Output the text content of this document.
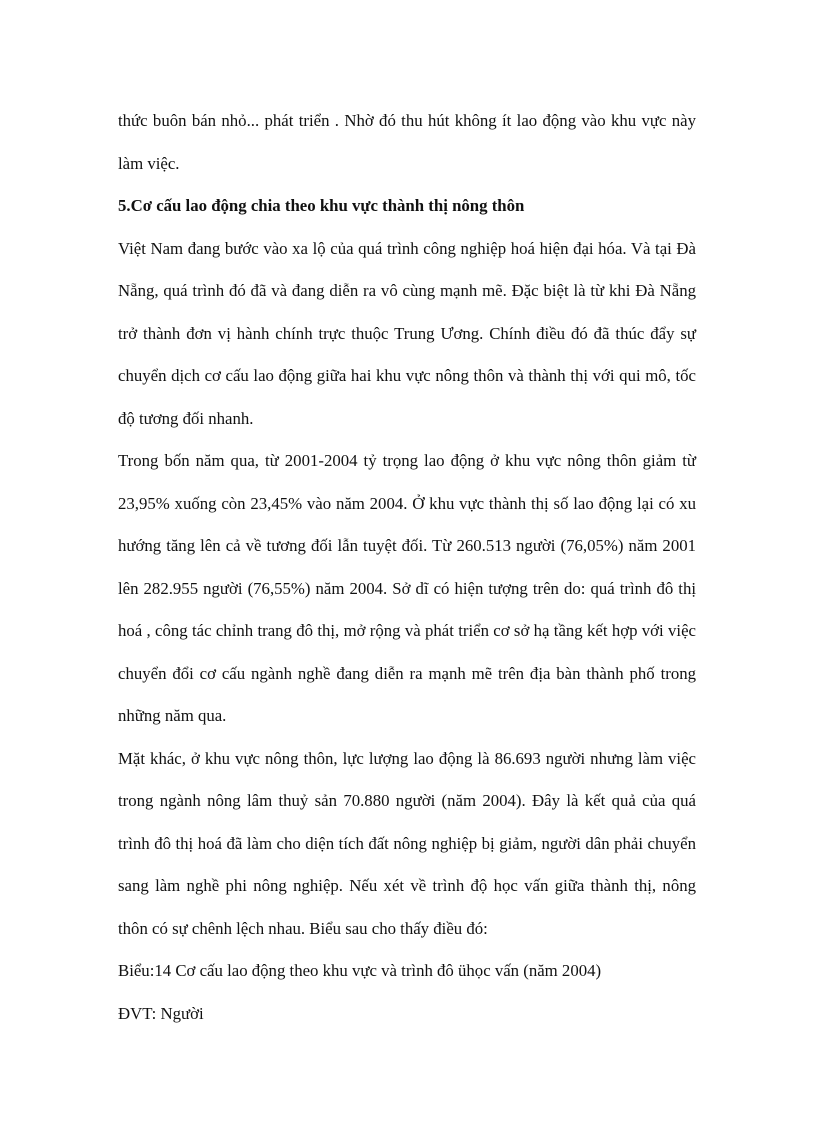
thức buôn bán nhỏ... phát triển . Nhờ đó thu hút không ít lao động vào khu vực này làm việc.

5.Cơ cấu lao động chia theo khu vực thành thị nông thôn

Việt Nam đang bước vào xa lộ của quá trình công nghiệp hoá hiện đại hóa. Và tại Đà Nẵng, quá trình đó đã và đang diễn ra vô cùng mạnh mẽ. Đặc biệt là từ khi Đà Nẵng trở thành đơn vị hành chính trực thuộc Trung Ương. Chính điều đó đã thúc đẩy sự chuyển dịch cơ cấu lao động giữa hai khu vực nông thôn và thành thị với qui mô, tốc độ tương đối nhanh.

Trong bốn năm qua, từ 2001-2004 tỷ trọng lao động ở khu vực nông thôn giảm từ 23,95% xuống còn 23,45% vào năm 2004. Ở khu vực thành thị số lao động lại có xu hướng tăng lên cả về tương đối lẫn tuyệt đối. Từ 260.513 người (76,05%) năm 2001 lên 282.955 người (76,55%) năm 2004. Sở dĩ có hiện tượng trên do: quá trình đô thị hoá , công tác chỉnh trang đô thị, mở rộng và phát triển cơ sở hạ tầng kết hợp với việc chuyển đổi cơ cấu ngành nghề đang diễn ra mạnh mẽ trên địa bàn thành phố trong những năm qua.

Mặt khác, ở khu vực nông thôn, lực lượng lao động là 86.693 người nhưng làm việc trong ngành nông lâm thuỷ sản 70.880 người (năm 2004). Đây là kết quả của quá trình đô thị hoá đã làm cho diện tích đất nông nghiệp bị giảm, người dân phải chuyển sang làm nghề phi nông nghiệp. Nếu xét về trình độ học vấn giữa thành thị, nông thôn có sự chênh lệch nhau. Biểu sau cho thấy điều đó:

Biểu:14 Cơ cấu lao động theo khu vực và trình đô ühọc vấn (năm 2004)

ĐVT: Người
